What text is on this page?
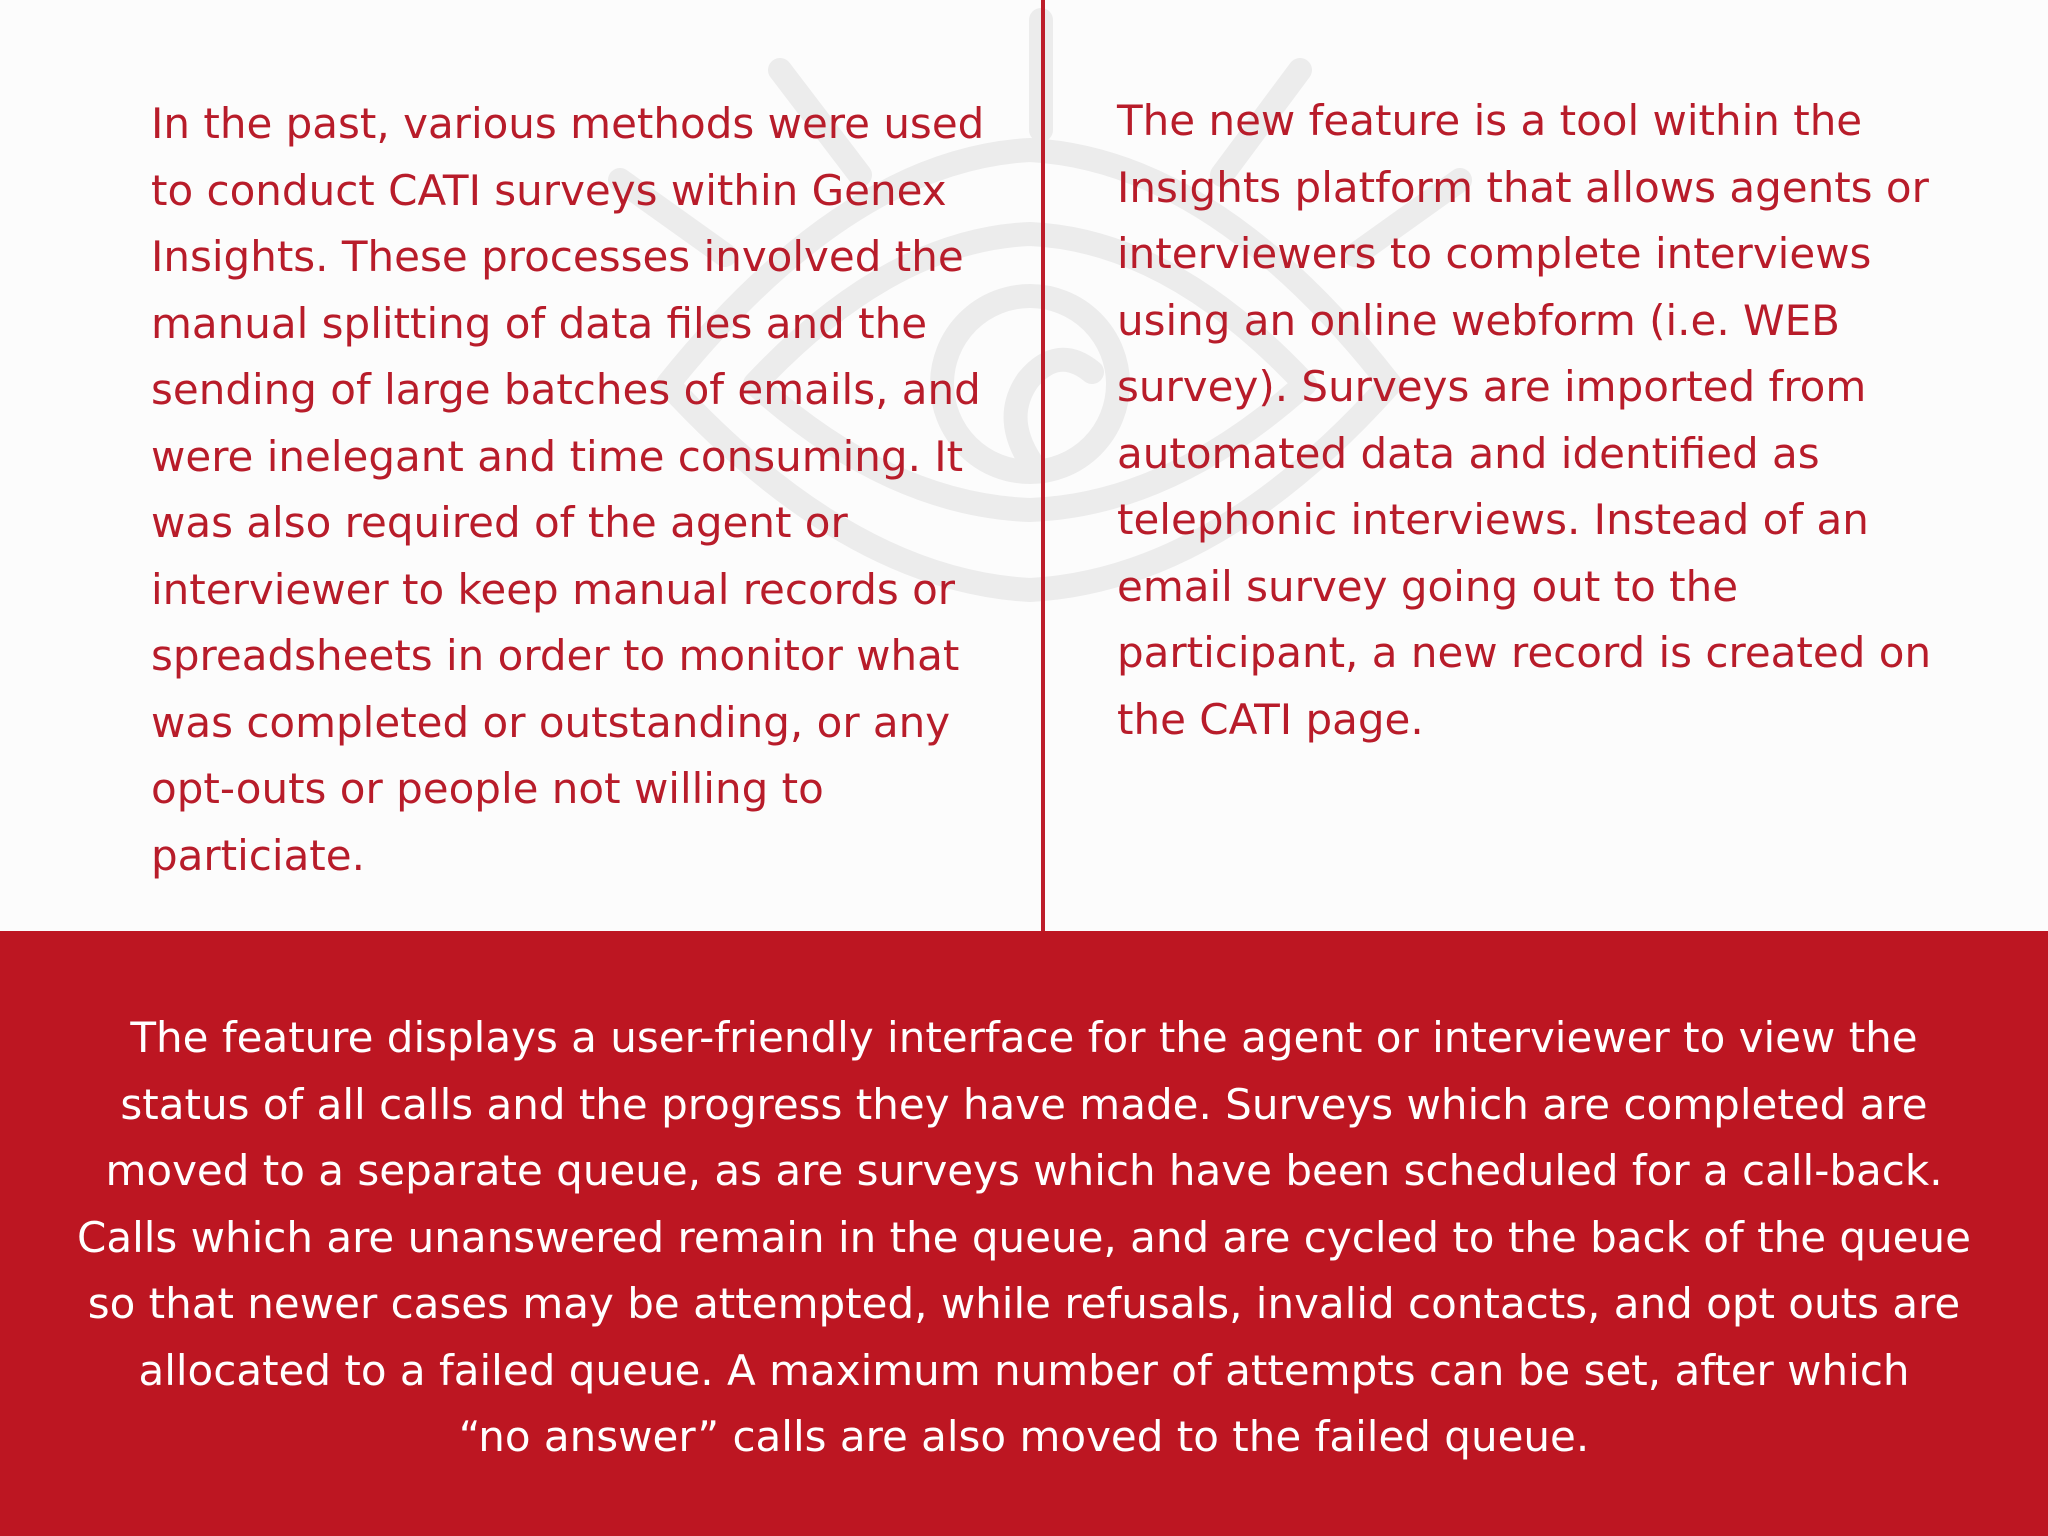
In the past, various methods were used
to conduct CATI surveys within Genex
Insights. These processes involved the
manual splitting of data files and the
sending of large batches of emails, and
were inelegant and time consuming. It
was also required of the agent or
interviewer to keep manual records or
spreadsheets in order to monitor what
was completed or outstanding, or any
opt-outs or people not willing to
particiate.

The new feature is a tool within the
Insights platform that allows agents or
interviewers to complete interviews
using an online webform (i.e. WEB
survey). Surveys are imported from
automated data and identified as
telephonic interviews. Instead of an
email survey going out to the
participant, a new record is created on
the CATI page.

The feature displays a user-friendly interface for the agent or interviewer to view the
status of all calls and the progress they have made. Surveys which are completed are
moved to a separate queue, as are surveys which have been scheduled for a call-back.
Calls which are unanswered remain in the queue, and are cycled to the back of the queue
so that newer cases may be attempted, while refusals, invalid contacts, and opt outs are
allocated to a failed queue. A maximum number of attempts can be set, after which
“no answer” calls are also moved to the failed queue.
